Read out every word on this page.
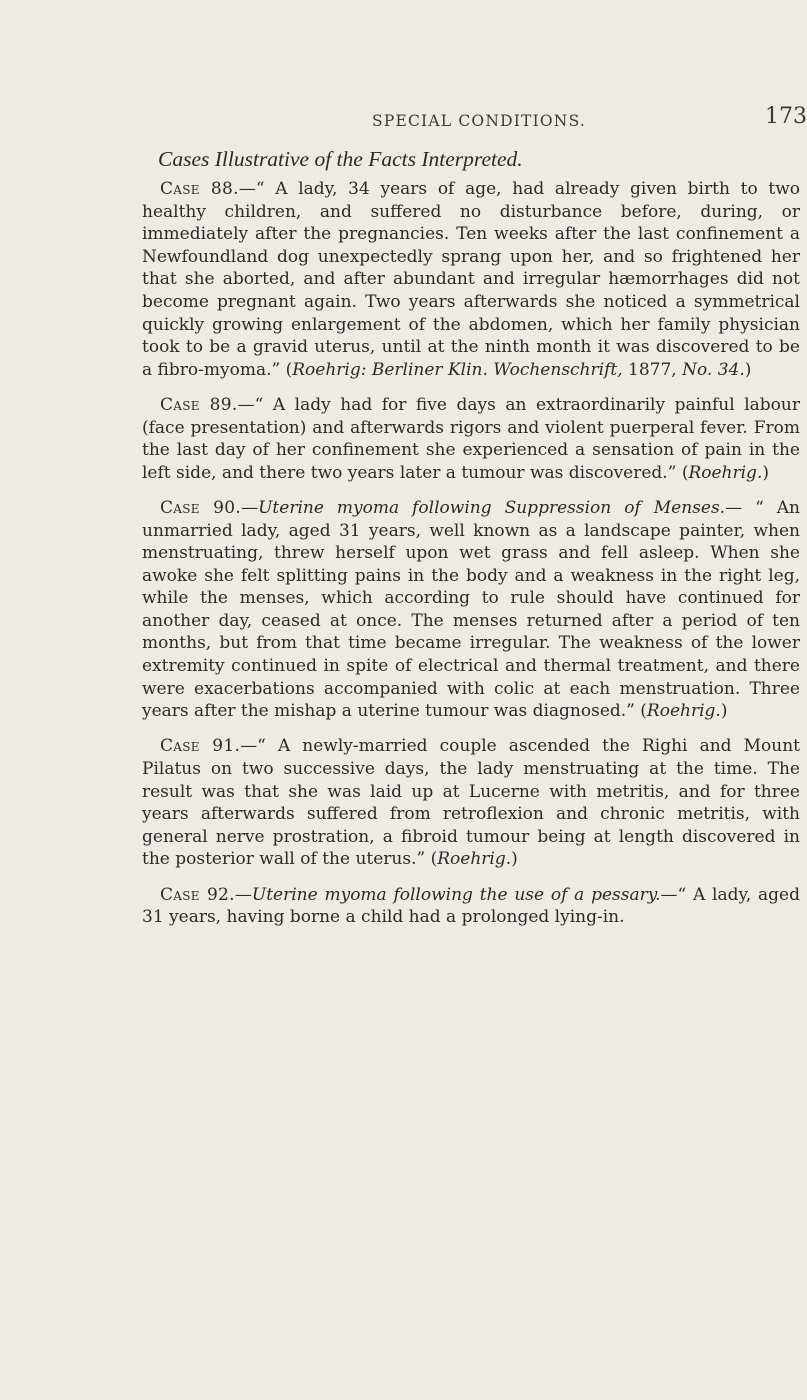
SPECIAL CONDITIONS.	173
Cases Illustrative of the Facts Interpreted.

Case 88.—“ A lady, 34 years of age, had already given birth to two healthy children, and suffered no disturbance before, during, or immediately after the pregnancies. Ten weeks after the last confinement a Newfoundland dog unexpectedly sprang upon her, and so frightened her that she aborted, and after abundant and irregular hæmorrhages did not become pregnant again. Two years afterwards she noticed a symmetrical quickly growing enlargement of the abdomen, which her family physician took to be a gravid uterus, until at the ninth month it was discovered to be a fibro-myoma.” (Roehrig: Berliner Klin. Wochenschrift, 1877, No. 34.)

Case 89.—“ A lady had for five days an extraordinarily painful labour (face presentation) and afterwards rigors and violent puerperal fever. From the last day of her confinement she experienced a sensation of pain in the left side, and there two years later a tumour was discovered.” (Roehrig.)

Case 90.—Uterine myoma following Suppression of Menses.— “ An unmarried lady, aged 31 years, well known as a landscape painter, when menstruating, threw herself upon wet grass and fell asleep. When she awoke she felt splitting pains in the body and a weakness in the right leg, while the menses, which according to rule should have continued for another day, ceased at once. The menses returned after a period of ten months, but from that time became irregular. The weakness of the lower extremity continued in spite of electrical and thermal treatment, and there were exacerbations accompanied with colic at each menstruation. Three years after the mishap a uterine tumour was diagnosed.” (Roehrig.)

Case 91.—“ A newly-married couple ascended the Righi and Mount Pilatus on two successive days, the lady menstruating at the time. The result was that she was laid up at Lucerne with metritis, and for three years afterwards suffered from retroflexion and chronic metritis, with general nerve prostration, a fibroid tumour being at length discovered in the posterior wall of the uterus.” (Roehrig.)

Case 92.—Uterine myoma following the use of a pessary.—“ A lady, aged 31 years, having borne a child had a prolonged lying-in.
